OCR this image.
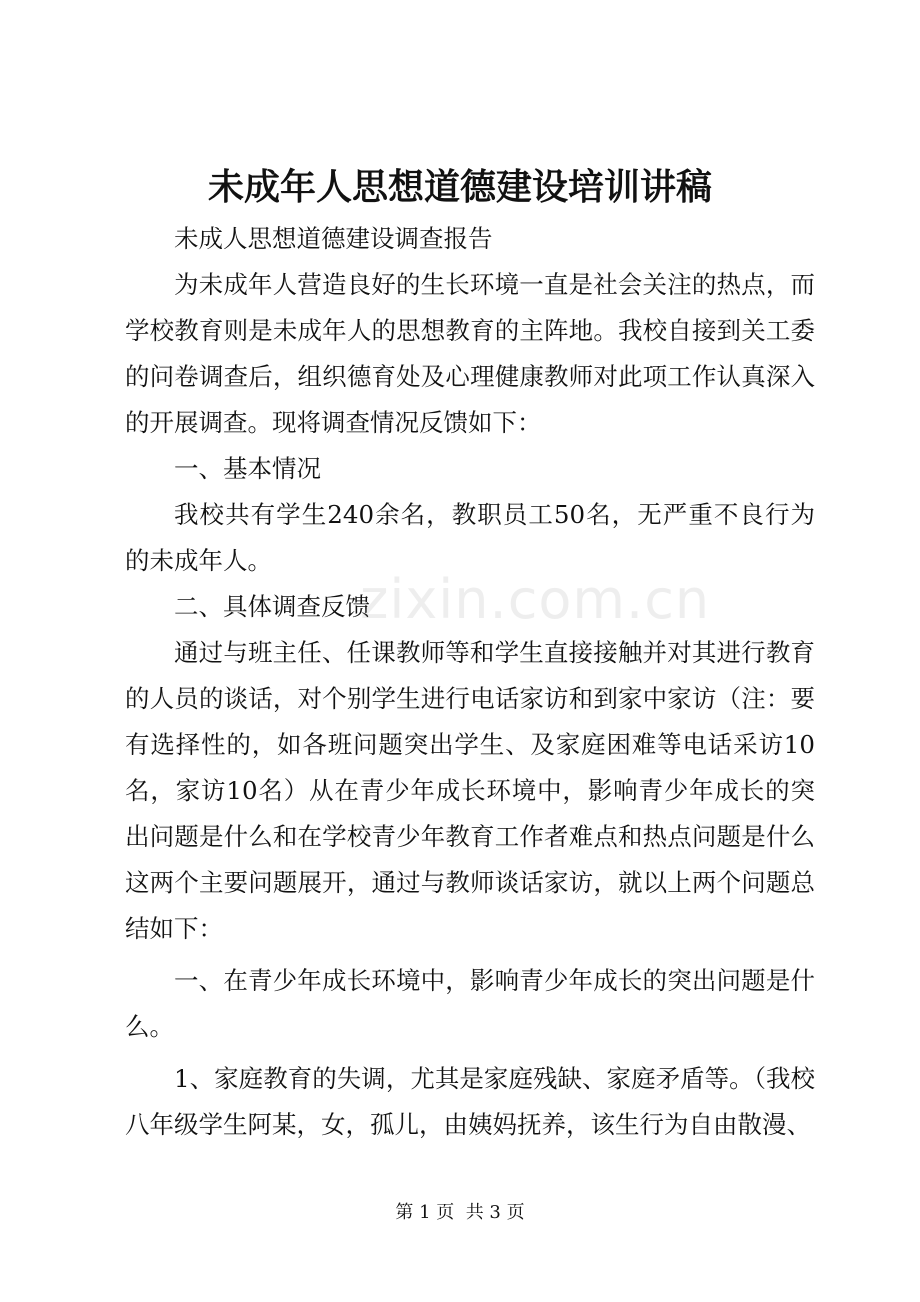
未成年人思想道德建设培训讲稿

未成人思想道德建设调查报告

为未成年人营造良好的生长环境一直是社会关注的热点，而学校教育则是未成年人的思想教育的主阵地。我校自接到关工委的问卷调查后，组织德育处及心理健康教师对此项工作认真深入的开展调查。现将调查情况反馈如下：

一、基本情况

我校共有学生240余名，教职员工50名，无严重不良行为的未成年人。

二、具体调查反馈

通过与班主任、任课教师等和学生直接接触并对其进行教育的人员的谈话，对个别学生进行电话家访和到家中家访（注：要有选择性的，如各班问题突出学生、及家庭困难等电话采访10名，家访10名）从在青少年成长环境中，影响青少年成长的突出问题是什么和在学校青少年教育工作者难点和热点问题是什么这两个主要问题展开，通过与教师谈话家访，就以上两个问题总结如下：

一、在青少年成长环境中，影响青少年成长的突出问题是什么。

1、家庭教育的失调，尤其是家庭残缺、家庭矛盾等。（我校八年级学生阿某，女，孤儿，由姨妈抚养，该生行为自由散漫、

zixin.com.cn
第 1 页  共 3 页
